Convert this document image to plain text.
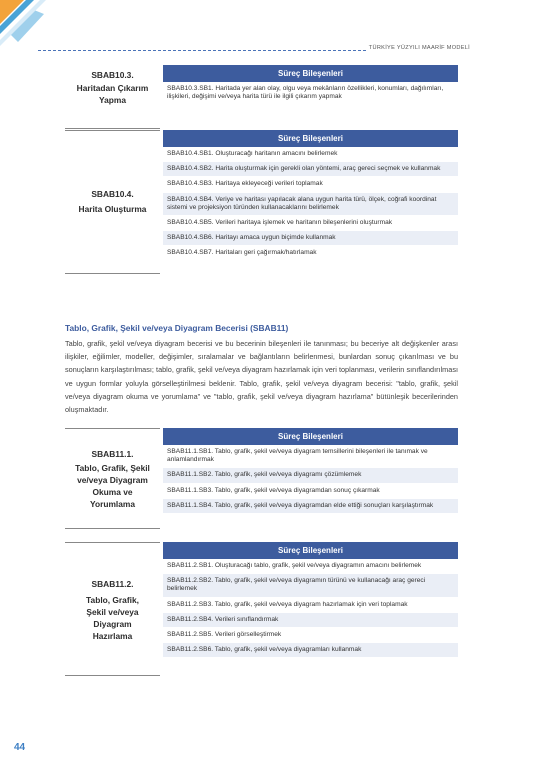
TÜRKİYE YÜZYILI MAARİF MODELİ
SBAB10.3.
Haritadan Çıkarım Yapma
Süreç Bileşenleri
SBAB10.3.SB1. Haritada yer alan olay, olgu veya mekânların özellikleri, konumları, dağılımları, ilişkileri, değişimi ve/veya harita türü ile ilgili çıkarım yapmak
SBAB10.4.
Harita Oluşturma
Süreç Bileşenleri
SBAB10.4.SB1. Oluşturacağı haritanın amacını belirlemek
SBAB10.4.SB2. Harita oluşturmak için gerekli olan yöntemi, araç gereci seçmek ve kullanmak
SBAB10.4.SB3. Haritaya ekleyeceği verileri toplamak
SBAB10.4.SB4. Veriye ve haritası yapılacak alana uygun harita türü, ölçek, coğrafi koordinat sistemi ve projeksiyon türünden kullanacaklarını belirlemek
SBAB10.4.SB5. Verileri haritaya işlemek ve haritanın bileşenlerini oluşturmak
SBAB10.4.SB6. Haritayı amaca uygun biçimde kullanmak
SBAB10.4.SB7. Haritaları geri çağırmak/hatırlamak
Tablo, Grafik, Şekil ve/veya Diyagram Becerisi (SBAB11)
Tablo, grafik, şekil ve/veya diyagram becerisi ve bu becerinin bileşenleri ile tanınması; bu beceriye alt değişkenler arası ilişkiler, eğilimler, modeller, değişimler, sıralamalar ve bağlantıların belirlenmesi, bunlardan sonuç çıkarılması ve bu sonuçların karşılaştırılması; tablo, grafik, şekil ve/veya diyagram hazırlamak için veri toplanması, verilerin sınıflandırılması ve uygun formlar yoluyla görselleştirilmesi beklenir. Tablo, grafik, şekil ve/veya diyagram becerisi: "tablo, grafik, şekil ve/veya diyagram okuma ve yorumlama" ve "tablo, grafik, şekil ve/veya diyagram hazırlama" bütünleşik becerilerinden oluşmaktadır.
SBAB11.1.
Tablo, Grafik, Şekil ve/veya Diyagram Okuma ve Yorumlama
Süreç Bileşenleri
SBAB11.1.SB1. Tablo, grafik, şekil ve/veya diyagram temsillerini bileşenleri ile tanımak ve anlamlandırmak
SBAB11.1.SB2. Tablo, grafik, şekil ve/veya diyagramı çözümlemek
SBAB11.1.SB3. Tablo, grafik, şekil ve/veya diyagramdan sonuç çıkarmak
SBAB11.1.SB4. Tablo, grafik, şekil ve/veya diyagramdan elde ettiği sonuçları karşılaştırmak
SBAB11.2.
Tablo, Grafik, Şekil ve/veya Diyagram Hazırlama
Süreç Bileşenleri
SBAB11.2.SB1. Oluşturacağı tablo, grafik, şekil ve/veya diyagramın amacını belirlemek
SBAB11.2.SB2. Tablo, grafik, şekil ve/veya diyagramın türünü ve kullanacağı araç gereci belirlemek
SBAB11.2.SB3. Tablo, grafik, şekil ve/veya diyagram hazırlamak için veri toplamak
SBAB11.2.SB4. Verileri sınıflandırmak
SBAB11.2.SB5. Verileri görselleştirmek
SBAB11.2.SB6. Tablo, grafik, şekil ve/veya diyagramları kullanmak
44
